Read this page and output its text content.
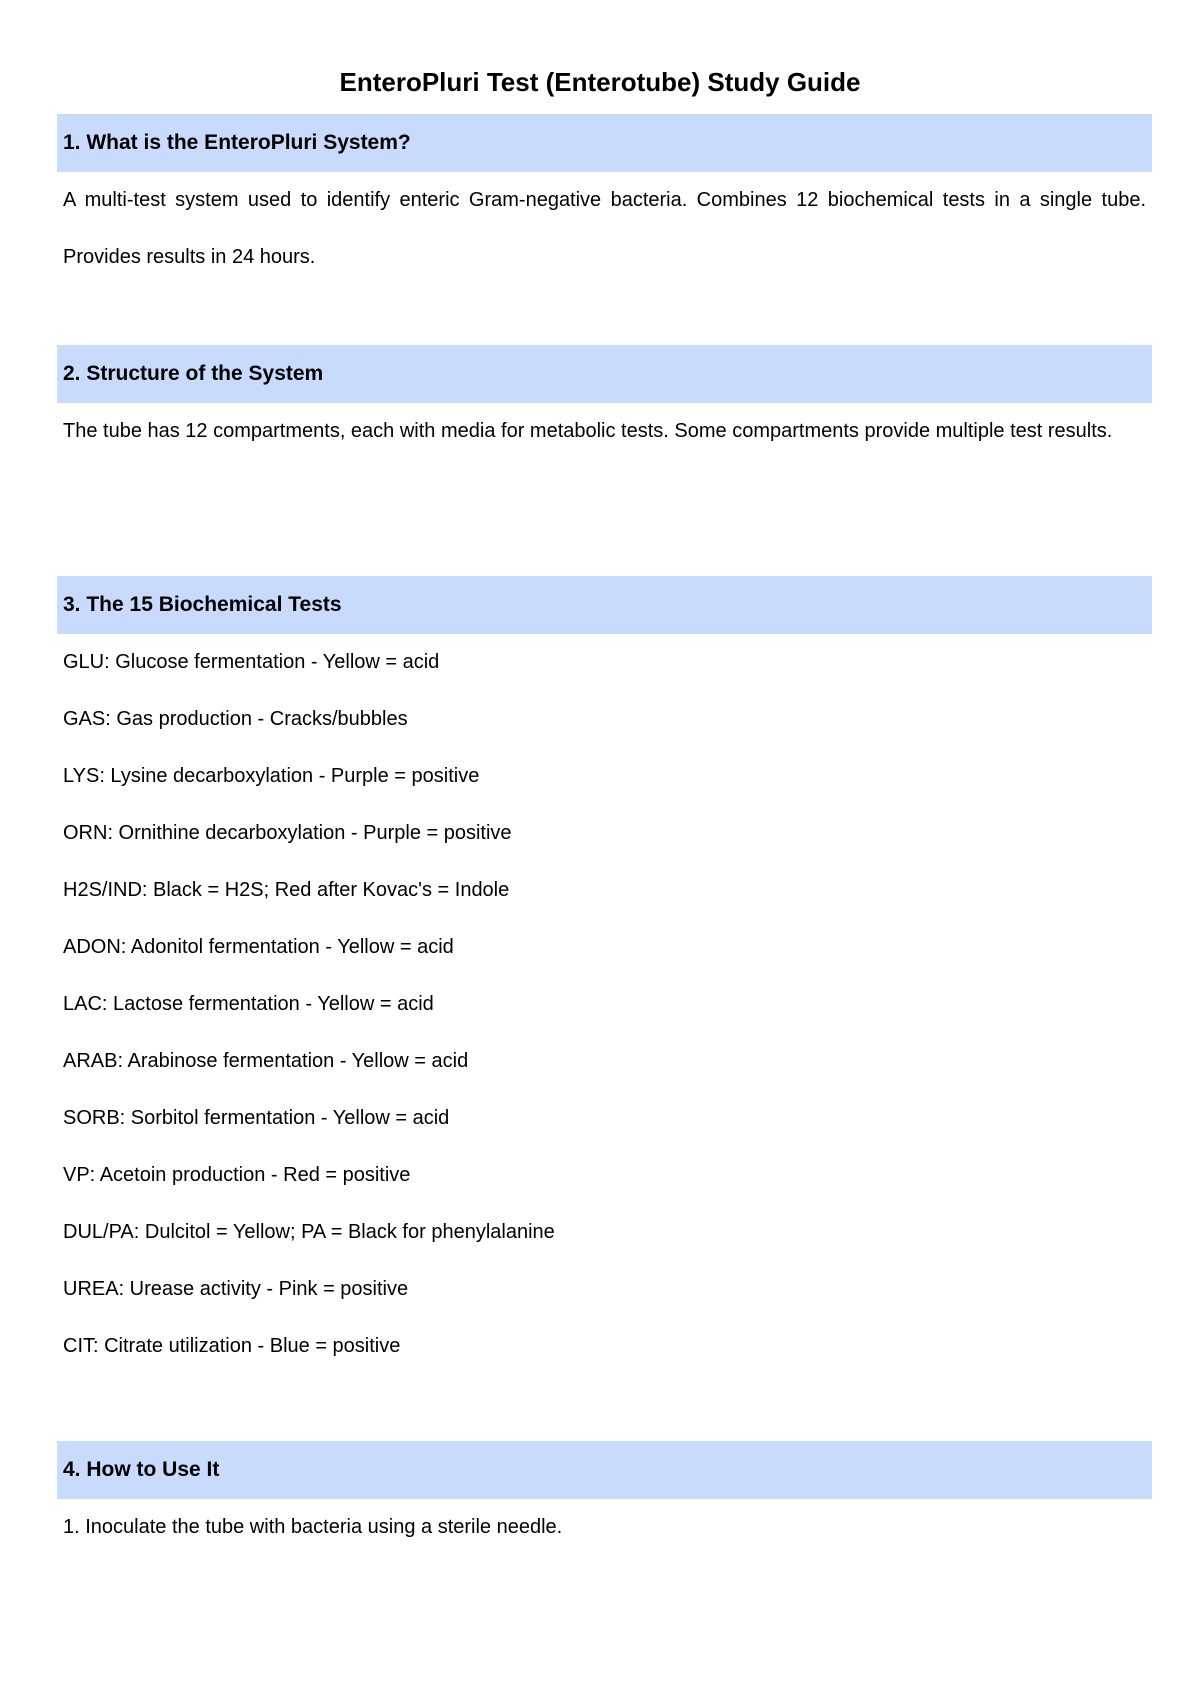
EnteroPluri Test (Enterotube) Study Guide
1. What is the EnteroPluri System?

A multi-test system used to identify enteric Gram-negative bacteria. Combines 12 biochemical tests in a single tube. Provides results in 24 hours.

2. Structure of the System

The tube has 12 compartments, each with media for metabolic tests. Some compartments provide multiple test results.

3. The 15 Biochemical Tests

GLU: Glucose fermentation - Yellow = acid

GAS: Gas production - Cracks/bubbles

LYS: Lysine decarboxylation - Purple = positive

ORN: Ornithine decarboxylation - Purple = positive

H2S/IND: Black = H2S; Red after Kovac's = Indole

ADON: Adonitol fermentation - Yellow = acid

LAC: Lactose fermentation - Yellow = acid

ARAB: Arabinose fermentation - Yellow = acid

SORB: Sorbitol fermentation - Yellow = acid

VP: Acetoin production - Red = positive

DUL/PA: Dulcitol = Yellow; PA = Black for phenylalanine

UREA: Urease activity - Pink = positive

CIT: Citrate utilization - Blue = positive

4. How to Use It

1. Inoculate the tube with bacteria using a sterile needle.
